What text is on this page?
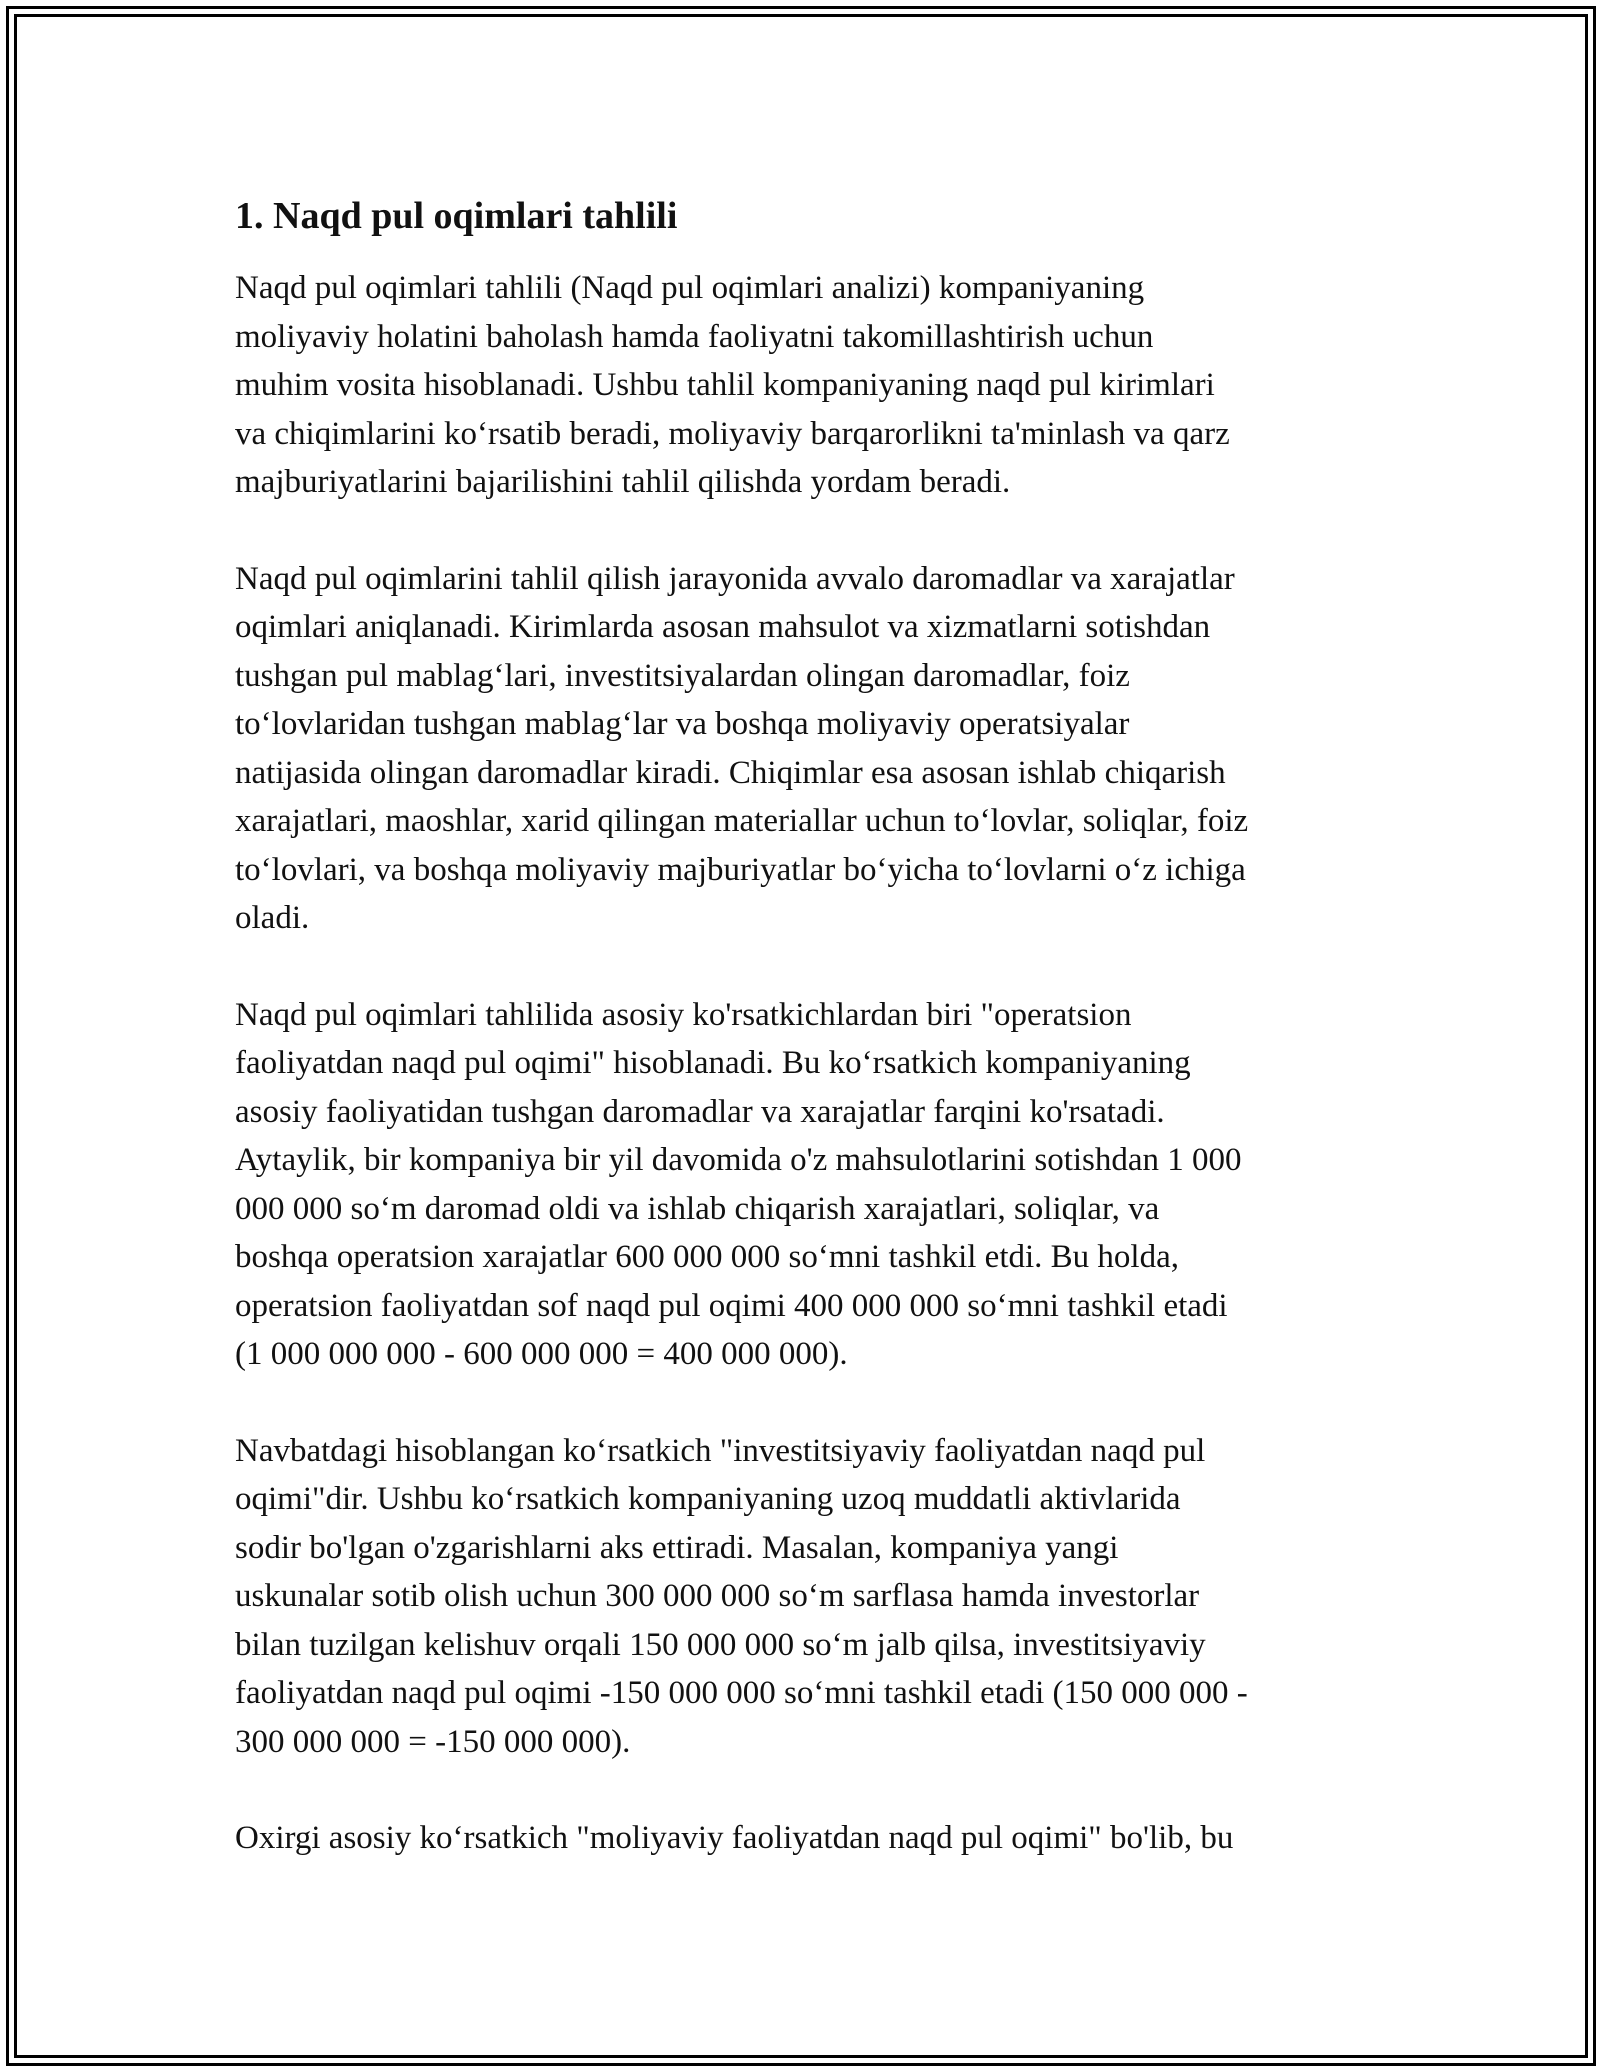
1. Naqd pul oqimlari tahlili

Naqd pul oqimlari tahlili (Naqd pul oqimlari analizi) kompaniyaning
moliyaviy holatini baholash hamda faoliyatni takomillashtirish uchun
muhim vosita hisoblanadi. Ushbu tahlil kompaniyaning naqd pul kirimlari
va chiqimlarini koʻrsatib beradi, moliyaviy barqarorlikni ta'minlash va qarz
majburiyatlarini bajarilishini tahlil qilishda yordam beradi.

Naqd pul oqimlarini tahlil qilish jarayonida avvalo daromadlar va xarajatlar
oqimlari aniqlanadi. Kirimlarda asosan mahsulot va xizmatlarni sotishdan
tushgan pul mablagʻlari, investitsiyalardan olingan daromadlar, foiz
toʻlovlaridan tushgan mablagʻlar va boshqa moliyaviy operatsiyalar
natijasida olingan daromadlar kiradi. Chiqimlar esa asosan ishlab chiqarish
xarajatlari, maoshlar, xarid qilingan materiallar uchun toʻlovlar, soliqlar, foiz
toʻlovlari, va boshqa moliyaviy majburiyatlar boʻyicha toʻlovlarni oʻz ichiga
oladi.

Naqd pul oqimlari tahlilida asosiy ko'rsatkichlardan biri "operatsion
faoliyatdan naqd pul oqimi" hisoblanadi. Bu koʻrsatkich kompaniyaning
asosiy faoliyatidan tushgan daromadlar va xarajatlar farqini ko'rsatadi.
Aytaylik, bir kompaniya bir yil davomida o'z mahsulotlarini sotishdan 1 000
000 000 soʻm daromad oldi va ishlab chiqarish xarajatlari, soliqlar, va
boshqa operatsion xarajatlar 600 000 000 soʻmni tashkil etdi. Bu holda,
operatsion faoliyatdan sof naqd pul oqimi 400 000 000 soʻmni tashkil etadi
(1 000 000 000 - 600 000 000 = 400 000 000).

Navbatdagi hisoblangan koʻrsatkich "investitsiyaviy faoliyatdan naqd pul
oqimi"dir. Ushbu koʻrsatkich kompaniyaning uzoq muddatli aktivlarida
sodir bo'lgan o'zgarishlarni aks ettiradi. Masalan, kompaniya yangi
uskunalar sotib olish uchun 300 000 000 soʻm sarflasa hamda investorlar
bilan tuzilgan kelishuv orqali 150 000 000 soʻm jalb qilsa, investitsiyaviy
faoliyatdan naqd pul oqimi -150 000 000 soʻmni tashkil etadi (150 000 000 -
300 000 000 = -150 000 000).

Oxirgi asosiy koʻrsatkich "moliyaviy faoliyatdan naqd pul oqimi" bo'lib, bu
